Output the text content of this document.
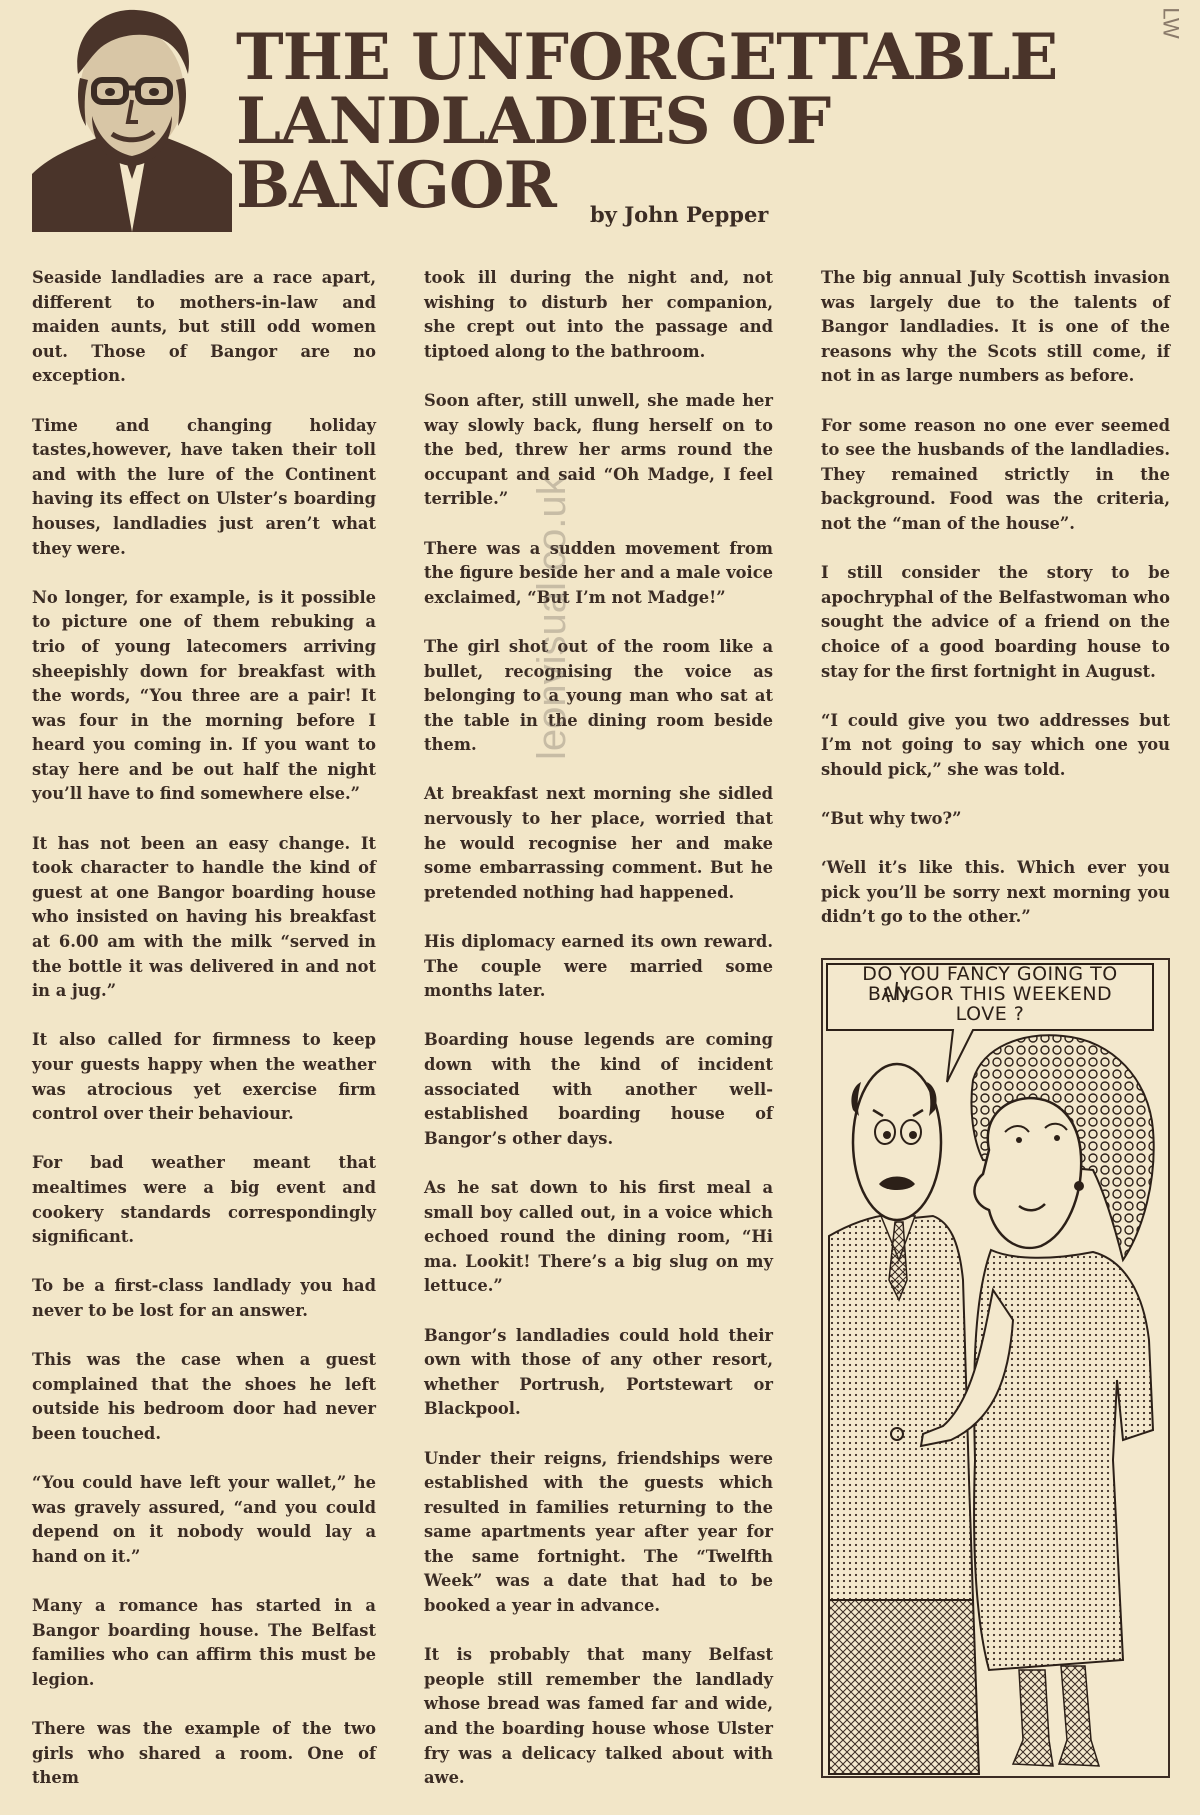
LW
THE UNFORGETTABLE
LANDLADIES OF
BANGOR	by John Pepper

Seaside landladies are a race apart, different to mothers-in-law and maiden aunts, but still odd women out. Those of Bangor are no exception.

Time and changing holiday tastes,however, have taken their toll and with the lure of the Continent having its effect on Ulster’s boarding houses, landladies just aren’t what they were.

No longer, for example, is it possible to picture one of them rebuking a trio of young latecomers arriving sheepishly down for breakfast with the words, “You three are a pair! It was four in the morning before I heard you coming in. If you want to stay here and be out half the night you’ll have to find somewhere else.”

It has not been an easy change. It took character to handle the kind of guest at one Bangor boarding house who insisted on having his breakfast at 6.00 am with the milk “served in the bottle it was delivered in and not in a jug.”

It also called for firmness to keep your guests happy when the weather was atrocious yet exercise firm control over their behaviour.

For bad weather meant that mealtimes were a big event and cookery standards correspondingly significant.

To be a first-class landlady you had never to be lost for an answer.

This was the case when a guest complained that the shoes he left outside his bedroom door had never been touched.

“You could have left your wallet,” he was gravely assured, “and you could depend on it nobody would lay a hand on it.”

Many a romance has started in a Bangor boarding house. The Belfast families who can affirm this must be legion.

There was the example of the two girls who shared a room. One of them

took ill during the night and, not wishing to disturb her companion, she crept out into the passage and tiptoed along to the bathroom.

Soon after, still unwell, she made her way slowly back, flung herself on to the bed, threw her arms round the occupant and said “Oh Madge, I feel terrible.”

There was a sudden movement from the figure beside her and a male voice exclaimed, “But I’m not Madge!”

The girl shot out of the room like a bullet, recognising the voice as belonging to a young man who sat at the table in the dining room beside them.

At breakfast next morning she sidled nervously to her place, worried that he would recognise her and make some embarrassing comment. But he pretended nothing had happened.

His diplomacy earned its own reward. The couple were married some months later.

Boarding house legends are coming down with the kind of incident associated with another well-established boarding house of Bangor’s other days.

As he sat down to his first meal a small boy called out, in a voice which echoed round the dining room, “Hi ma. Lookit! There’s a big slug on my lettuce.”

Bangor’s landladies could hold their own with those of any other resort, whether Portrush, Portstewart or Blackpool.

Under their reigns, friendships were established with the guests which resulted in families returning to the same apartments year after year for the same fortnight. The “Twelfth Week” was a date that had to be booked a year in advance.

It is probably that many Belfast people still remember the landlady whose bread was famed far and wide, and the boarding house whose Ulster fry was a delicacy talked about with awe.

The big annual July Scottish invasion was largely due to the talents of Bangor landladies. It is one of the reasons why the Scots still come, if not in as large numbers as before.

For some reason no one ever seemed to see the husbands of the landladies. They remained strictly in the background. Food was the criteria, not the “man of the house”.

I still consider the story to be apochryphal of the Belfastwoman who sought the advice of a friend on the choice of a good boarding house to stay for the first fortnight in August.

“I could give you two addresses but I’m not going to say which one you should pick,” she was told.

“But why two?”

‘Well it’s like this. Which ever you pick you’ll be sorry next morning you didn’t go to the other.”

DO YOU FANCY GOING TO
BANGOR THIS WEEKEND
LOVE ?
leonvisual.co.uk
